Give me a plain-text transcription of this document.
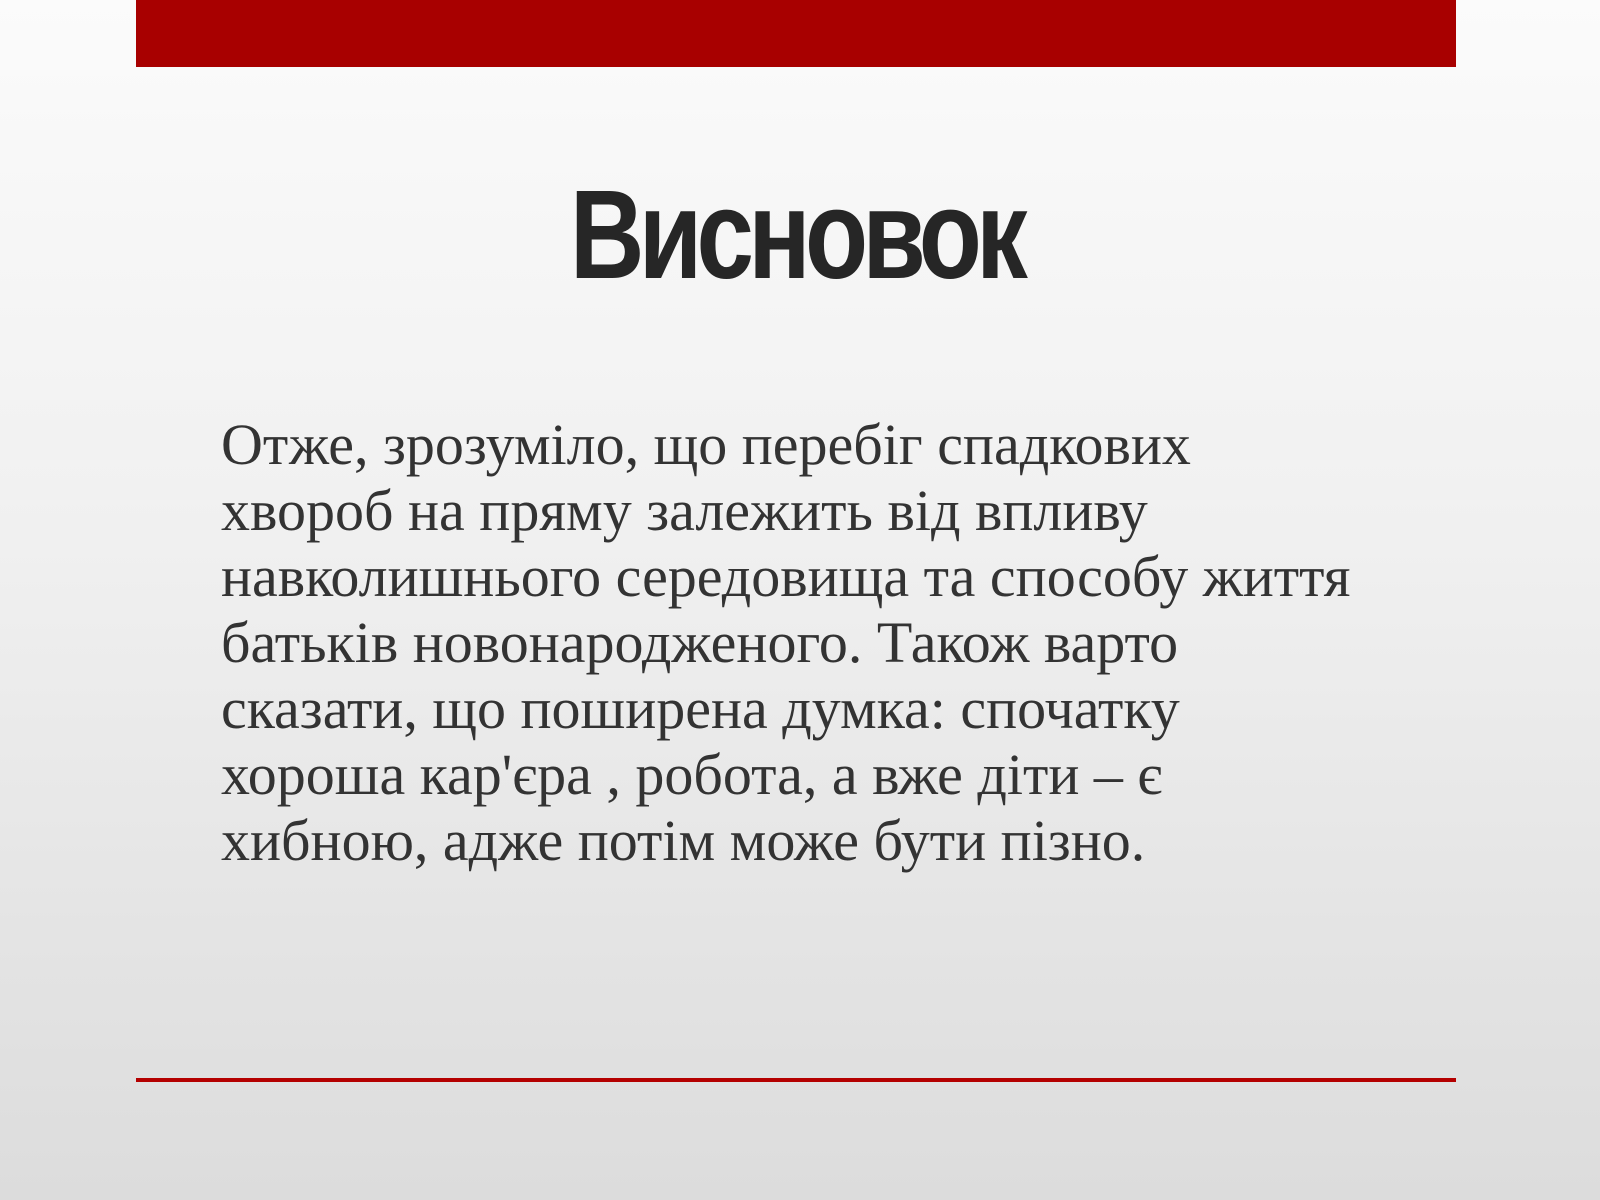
Висновок

Отже, зрозуміло, що перебіг спадкових
хвороб на пряму залежить від впливу
навколишнього середовища та способу життя
батьків новонародженого. Також варто
сказати, що поширена думка: спочатку
хороша кар'єра , робота, а вже діти – є
хибною, адже потім може бути пізно.
